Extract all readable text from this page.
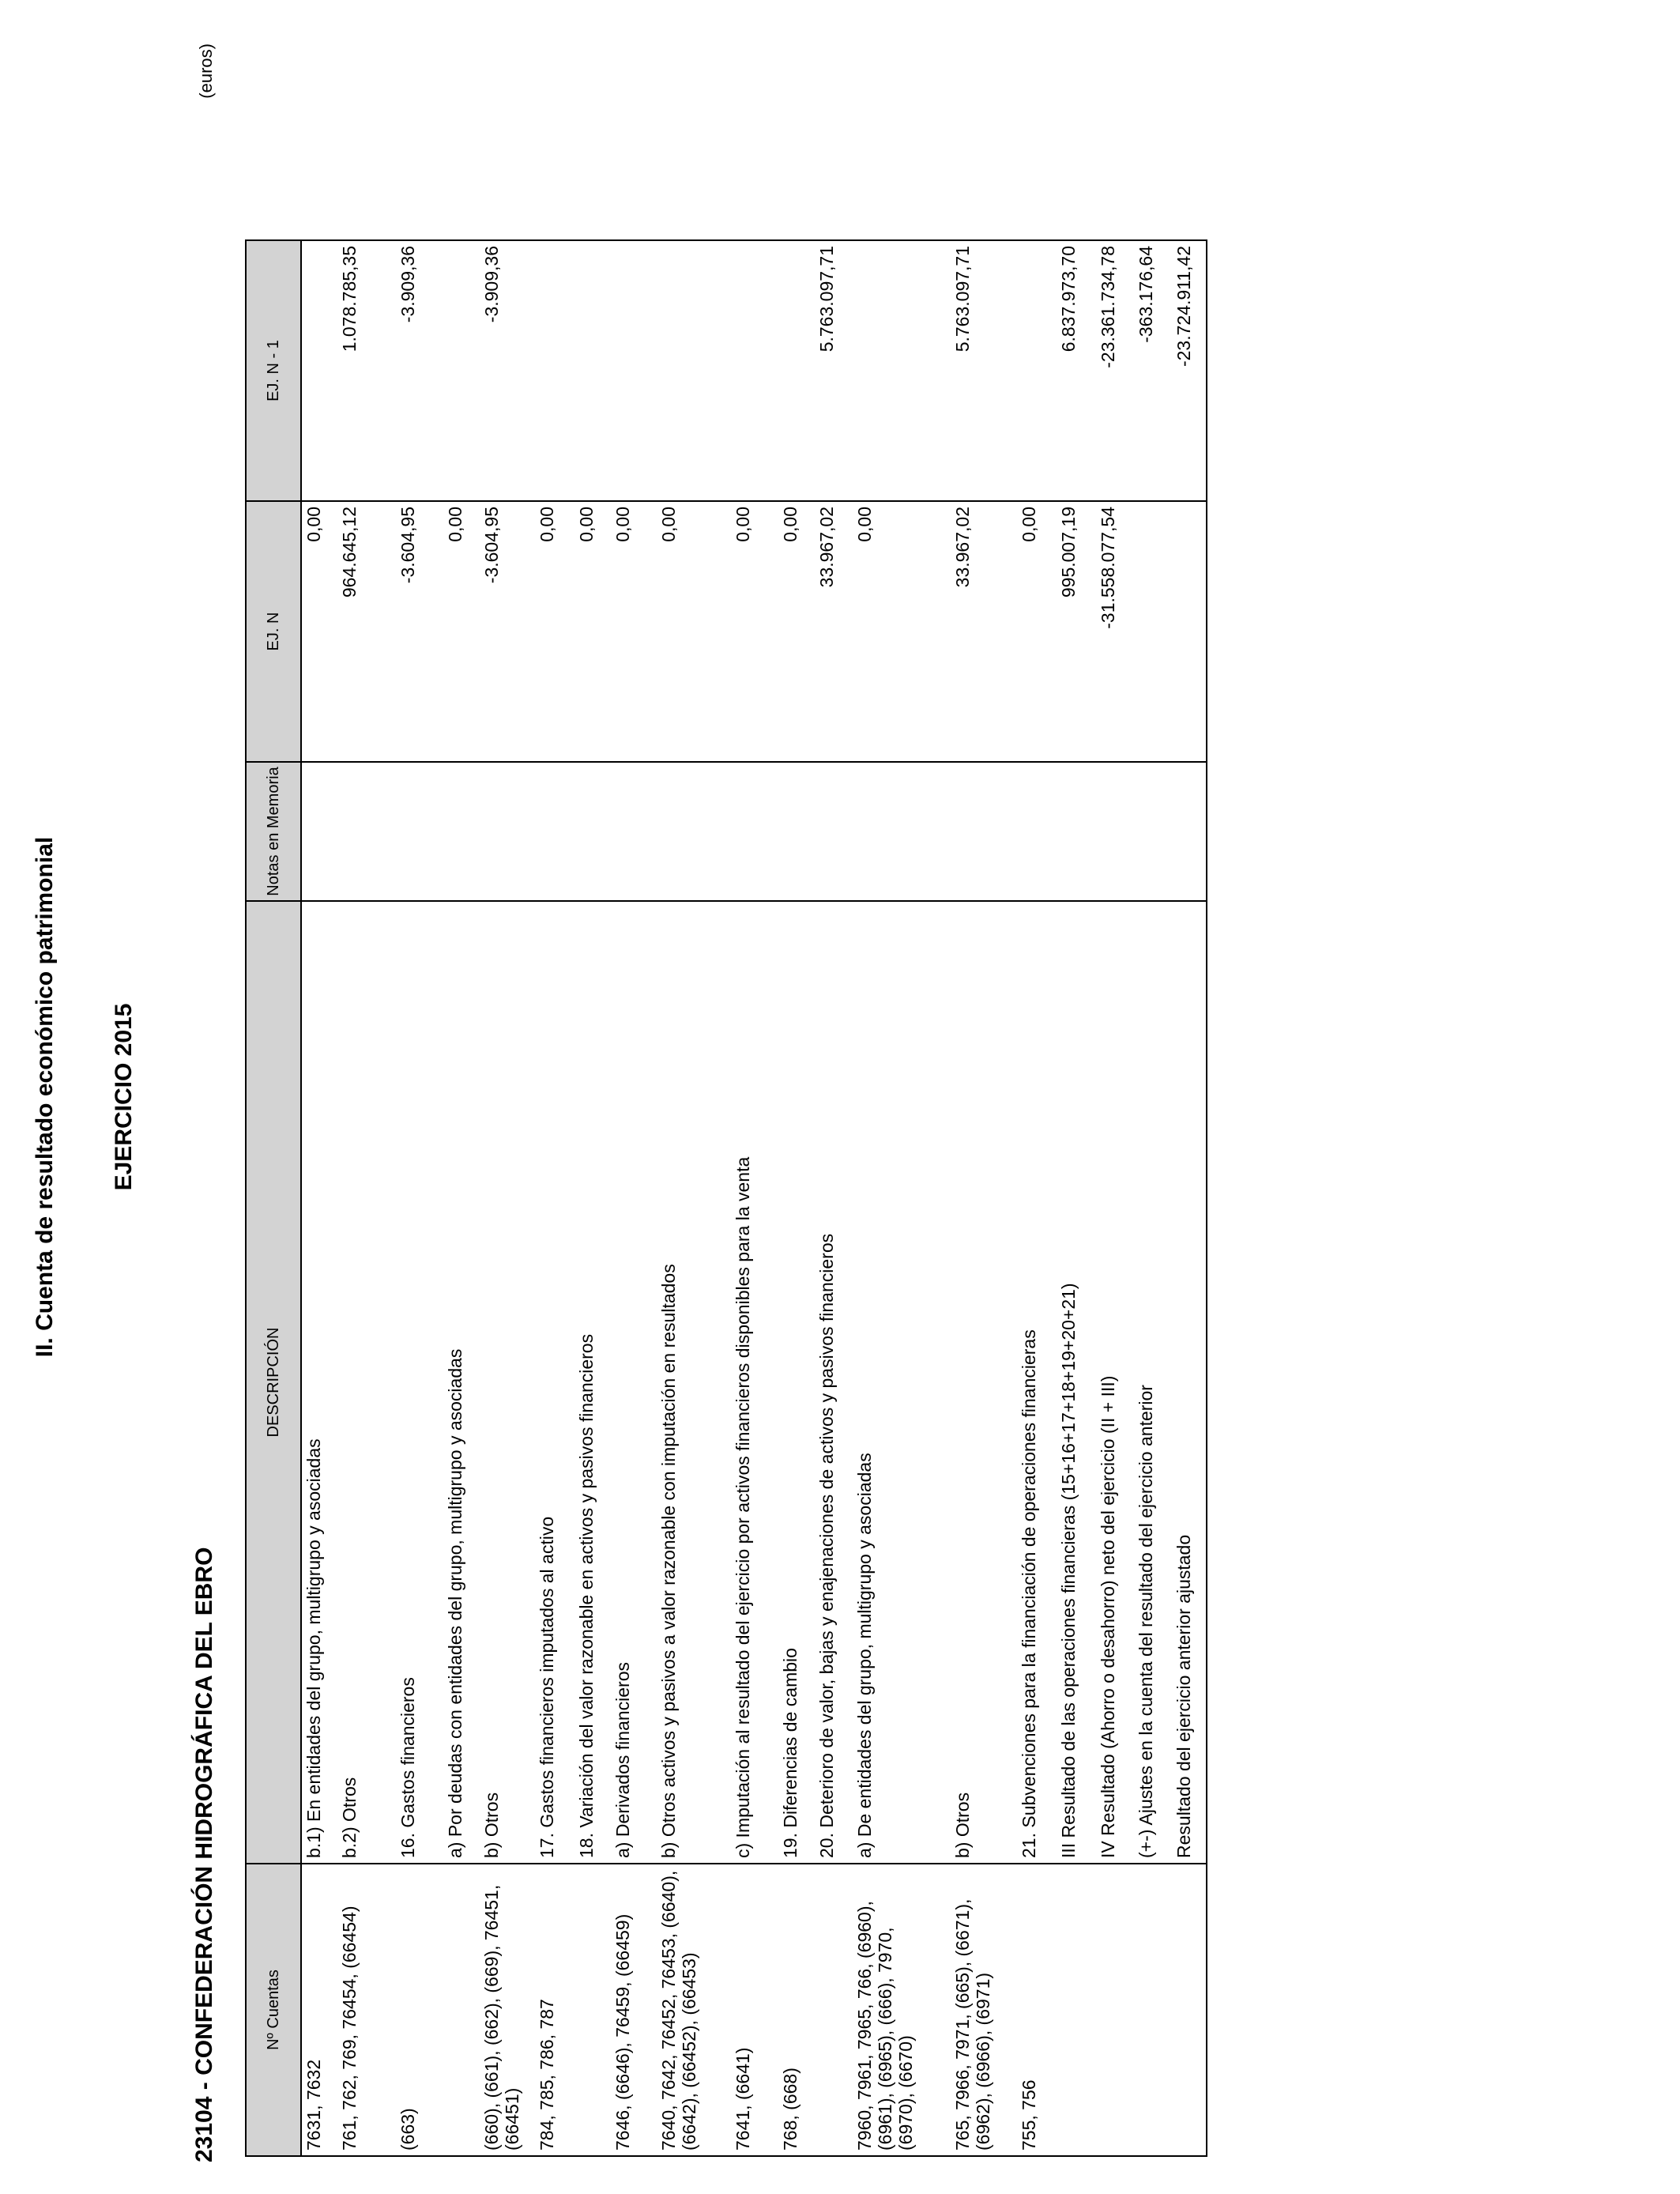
II. Cuenta de resultado económico patrimonial EJERCICIO 2015
23104 - CONFEDERACIÓN HIDROGRÁFICA DEL EBRO
(euros)
Nº Cuentas	DESCRIPCIÓN	Notas en Memoria	EJ. N	EJ. N - 1
7631, 7632	b.1) En entidades del grupo, multigrupo y asociadas		0,00	
761, 762, 769, 76454, (66454)	b.2) Otros		964.645,12	1.078.785,35
(663)	16. Gastos financieros		-3.604,95	-3.909,36
	a) Por deudas con entidades del grupo, multigrupo y asociadas		0,00	
(660), (661), (662), (669), 76451, (66451)	b) Otros		-3.604,95	-3.909,36
784, 785, 786, 787	17. Gastos financieros imputados al activo		0,00	
	18. Variación del valor razonable en activos y pasivos financieros		0,00	
7646, (6646), 76459, (66459)	a) Derivados financieros		0,00	
7640, 7642, 76452, 76453, (6640), (6642), (66452), (66453)	b) Otros activos y pasivos a valor razonable con imputación en resultados		0,00	
7641, (6641)	c) Imputación al resultado del ejercicio por activos financieros disponibles para la venta		0,00	
768, (668)	19. Diferencias de cambio		0,00	
	20. Deterioro de valor, bajas y enajenaciones de activos y pasivos financieros		33.967,02	5.763.097,71
7960, 7961, 7965, 766, (6960), (6961), (6965), (666), 7970, (6970), (6670)	a) De entidades del grupo, multigrupo y asociadas		0,00	
765, 7966, 7971, (665), (6671), (6962), (6966), (6971)	b) Otros		33.967,02	5.763.097,71
755, 756	21. Subvenciones para la financiación de operaciones financieras		0,00	
	III Resultado de las operaciones financieras (15+16+17+18+19+20+21)		995.007,19	6.837.973,70
	IV Resultado (Ahorro o desahorro) neto del ejercicio (II + III)		-31.558.077,54	-23.361.734,78
	(+-) Ajustes en la cuenta del resultado del ejercicio anterior			-363.176,64
	Resultado del ejercicio anterior ajustado			-23.724.911,42
